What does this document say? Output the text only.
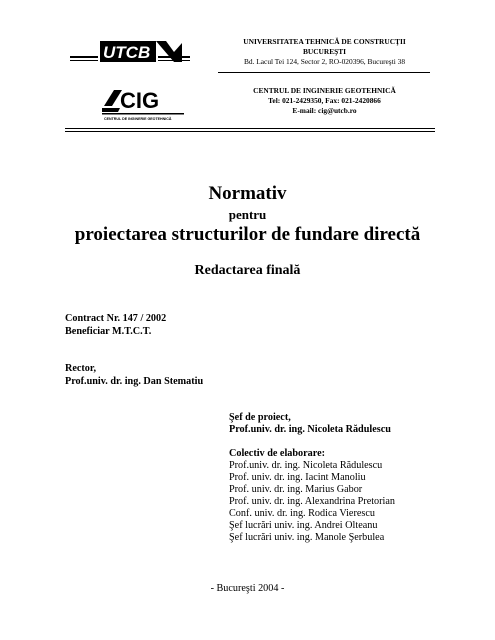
UTCB
CIG
CENTRUL DE INGINERIE GEOTEHNICĂ
UNIVERSITATEA TEHNICĂ DE CONSTRUCŢII
BUCUREŞTI
Bd. Lacul Tei 124, Sector 2, RO-020396, Bucureşti 38
CENTRUL DE INGINERIE GEOTEHNICĂ
Tel: 021-2429350, Fax: 021-2420866
E-mail: cig@utcb.ro
Normativ
pentru
proiectarea structurilor de fundare directă
Redactarea finală
Contract Nr. 147 / 2002
Beneficiar M.T.C.T.
Rector,
Prof.univ. dr. ing. Dan Stematiu
Şef de proiect,
Prof.univ. dr. ing. Nicoleta Rădulescu
Colectiv de elaborare:
Prof.univ. dr. ing. Nicoleta Rădulescu
Prof. univ. dr. ing. Iacint Manoliu
Prof. univ. dr. ing. Marius Gabor
Prof. univ. dr. ing. Alexandrina Pretorian
Conf. univ. dr. ing. Rodica Vierescu
Şef lucrări univ. ing. Andrei Olteanu
Şef lucrări univ. ing. Manole Şerbulea
- Bucureşti 2004 -
